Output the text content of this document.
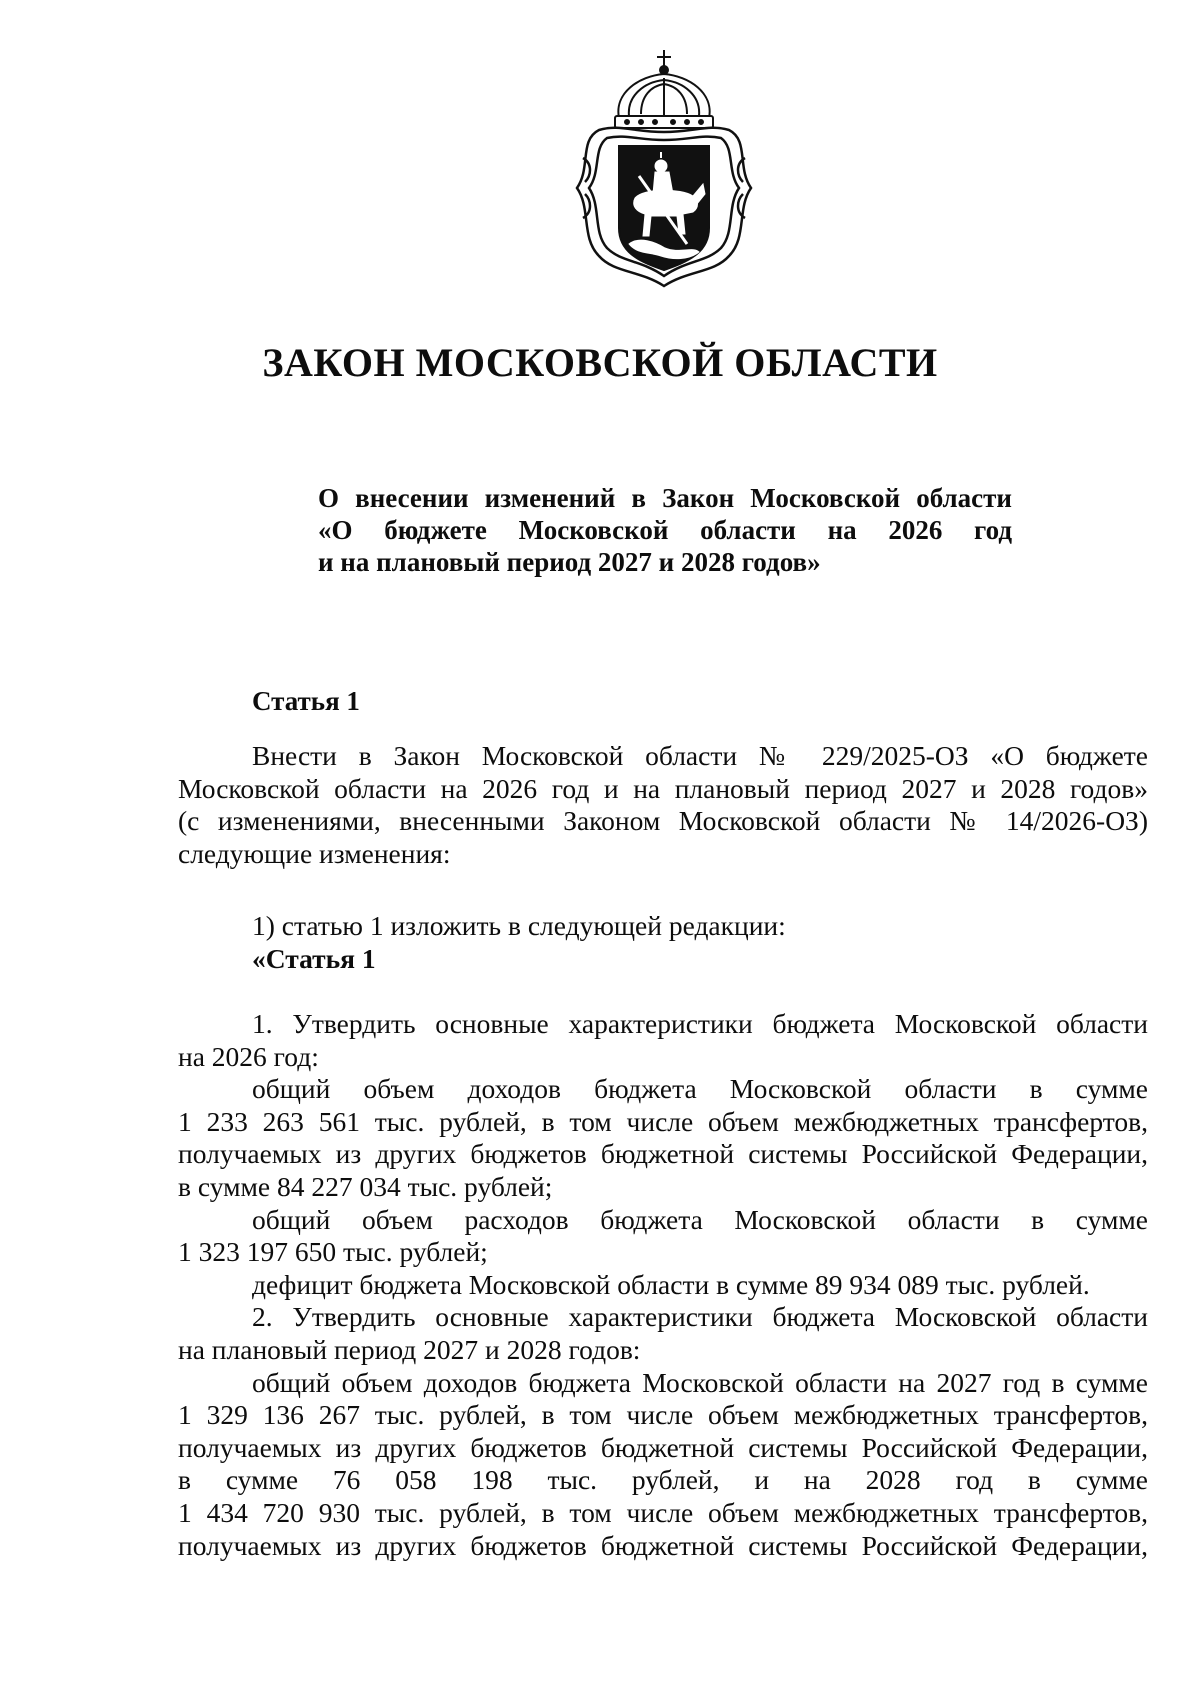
ЗАКОН МОСКОВСКОЙ ОБЛАСТИ
О внесении изменений в Закон Московской области
«О бюджете Московской области на 2026 год
и на плановый период 2027 и 2028 годов»
Статья 1
Внести в Закон Московской области № 229/2025-ОЗ «О бюджете
Московской области на 2026 год и на плановый период 2027 и 2028 годов»
(с изменениями, внесенными Законом Московской области № 14/2026-ОЗ)
следующие изменения:
1) статью 1 изложить в следующей редакции:
«Статья 1
1. Утвердить основные характеристики бюджета Московской области
на 2026 год:
общий объем доходов бюджета Московской области в сумме
1 233 263 561 тыс. рублей, в том числе объем межбюджетных трансфертов,
получаемых из других бюджетов бюджетной системы Российской Федерации,
в сумме 84 227 034 тыс. рублей;
общий объем расходов бюджета Московской области в сумме
1 323 197 650 тыс. рублей;
дефицит бюджета Московской области в сумме 89 934 089 тыс. рублей.
2. Утвердить основные характеристики бюджета Московской области
на плановый период 2027 и 2028 годов:
общий объем доходов бюджета Московской области на 2027 год в сумме
1 329 136 267 тыс. рублей, в том числе объем межбюджетных трансфертов,
получаемых из других бюджетов бюджетной системы Российской Федерации,
в сумме 76 058 198 тыс. рублей, и на 2028 год в сумме
1 434 720 930 тыс. рублей, в том числе объем межбюджетных трансфертов,
получаемых из других бюджетов бюджетной системы Российской Федерации,
